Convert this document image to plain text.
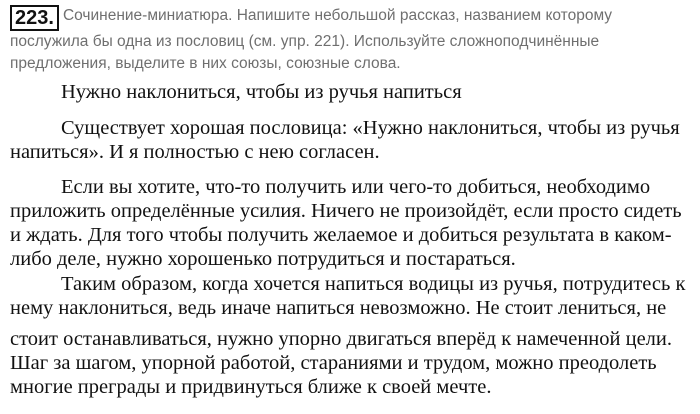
223. Сочинение-миниатюра. Напишите небольшой рассказ, названием которому
послужила бы одна из пословиц (см. упр. 221). Используйте сложноподчинённые
предложения, выделите в них союзы, союзные слова.
Нужно наклониться, чтобы из ручья напиться
Существует хорошая пословица: «Нужно наклониться, чтобы из ручья
напиться». И я полностью с нею согласен.
Если вы хотите, что-то получить или чего-то добиться, необходимо
приложить определённые усилия. Ничего не произойдёт, если просто сидеть
и ждать. Для того чтобы получить желаемое и добиться результата в каком-
либо деле, нужно хорошенько потрудиться и постараться.
Таким образом, когда хочется напиться водицы из ручья, потрудитесь к
нему наклониться, ведь иначе напиться невозможно. Не стоит лениться, не
стоит останавливаться, нужно упорно двигаться вперёд к намеченной цели.
Шаг за шагом, упорной работой, стараниями и трудом, можно преодолеть
многие преграды и придвинуться ближе к своей мечте.
